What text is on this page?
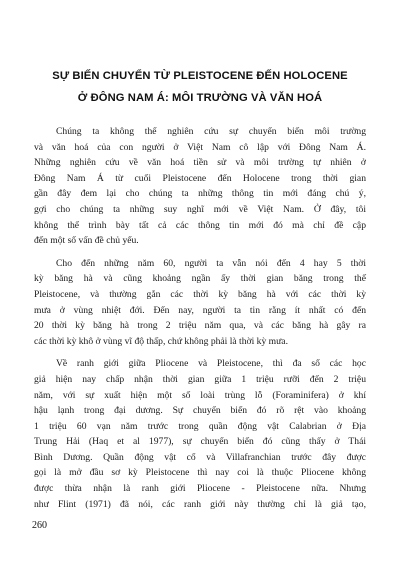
SỰ BIẾN CHUYỂN TỪ PLEISTOCENE ĐẾN HOLOCENE
Ở ĐÔNG NAM Á: MÔI TRƯỜNG VÀ VĂN HOÁ
Chúng ta không thể nghiên cứu sự chuyển biến môi trường
và văn hoá của con người ở Việt Nam cô lập với Đông Nam Á.
Những nghiên cứu về văn hoá tiền sử và môi trường tự nhiên ở
Đông Nam Á từ cuối Pleistocene đến Holocene trong thời gian
gần đây đem lại cho chúng ta những thông tin mới đáng chú ý,
gợi cho chúng ta những suy nghĩ mới về Việt Nam. Ở đây, tôi
không thể trình bày tất cả các thông tin mới đó mà chỉ đề cập
đến một số vấn đề chủ yếu.
Cho đến những năm 60, người ta vẫn nói đến 4 hay 5 thời
kỳ băng hà và cũng khoảng ngần ấy thời gian băng trong thế
Pleistocene, và thường gắn các thời kỳ băng hà với các thời kỳ
mưa ở vùng nhiệt đới. Đến nay, người ta tin rằng ít nhất có đến
20 thời kỳ băng hà trong 2 triệu năm qua, và các băng hà gây ra
các thời kỳ khô ở vùng vĩ độ thấp, chứ không phải là thời kỳ mưa.
Về ranh giới giữa Pliocene và Pleistocene, thì đa số các học
giả hiện nay chấp nhận thời gian giữa 1 triệu rưỡi đến 2 triệu
năm, với sự xuất hiện một số loài trùng lỗ (Foraminifera) ở khí
hậu lạnh trong đại dương. Sự chuyển biến đó rõ rệt vào khoảng
1 triệu 60 vạn năm trước trong quần động vật Calabrian ở Địa
Trung Hải (Haq et al 1977), sự chuyển biến đó cũng thấy ở Thái
Bình Dương. Quần động vật cổ và Villafranchian trước đây được
gọi là mở đầu sơ kỳ Pleistocene thì nay coi là thuộc Pliocene không
được thừa nhận là ranh giới Pliocene - Pleistocene nữa. Nhưng
như Flint (1971) đã nói, các ranh giới này thường chỉ là giả tạo,
260
